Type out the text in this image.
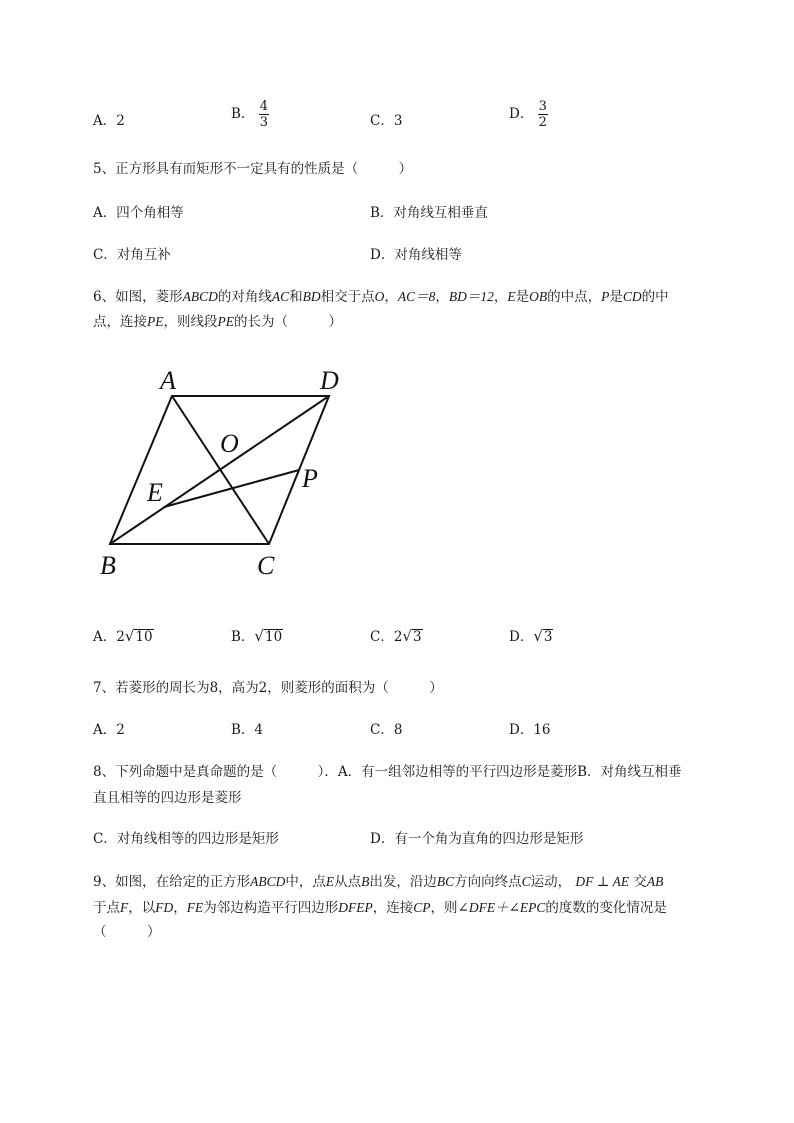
A．2	B． $\frac{4}{3}$	C．3	D． $\frac{3}{2}$
5、正方形具有而矩形不一定具有的性质是（　　　）
A．四个角相等	B．对角线互相垂直
C．对角互补	D．对角线相等
6、如图，菱形ABCD的对角线AC和BD相交于点O，AC＝8，BD＝12，E是OB的中点，P是CD的中
点，连接PE，则线段PE的长为（　　　）
A	D
O
E	P
B	C
A．2 √ 10	B． √ 10	C．2 √ 3	D． √ 3
7、若菱形的周长为8，高为2，则菱形的面积为（　　　）
A．2	B．4	C．8	D．16
8、下列命题中是真命题的是（　　　）．A．有一组邻边相等的平行四边形是菱形B．对角线互相垂
直且相等的四边形是菱形
C．对角线相等的四边形是矩形	D．有一个角为直角的四边形是矩形
9、如图，在给定的正方形ABCD中，点E从点B出发，沿边BC方向向终点C运动， DF ⊥ AE 交AB
于点F，以FD，FE为邻边构造平行四边形DFEP，连接CP，则∠DFE＋∠EPC的度数的变化情况是
（　　　）
